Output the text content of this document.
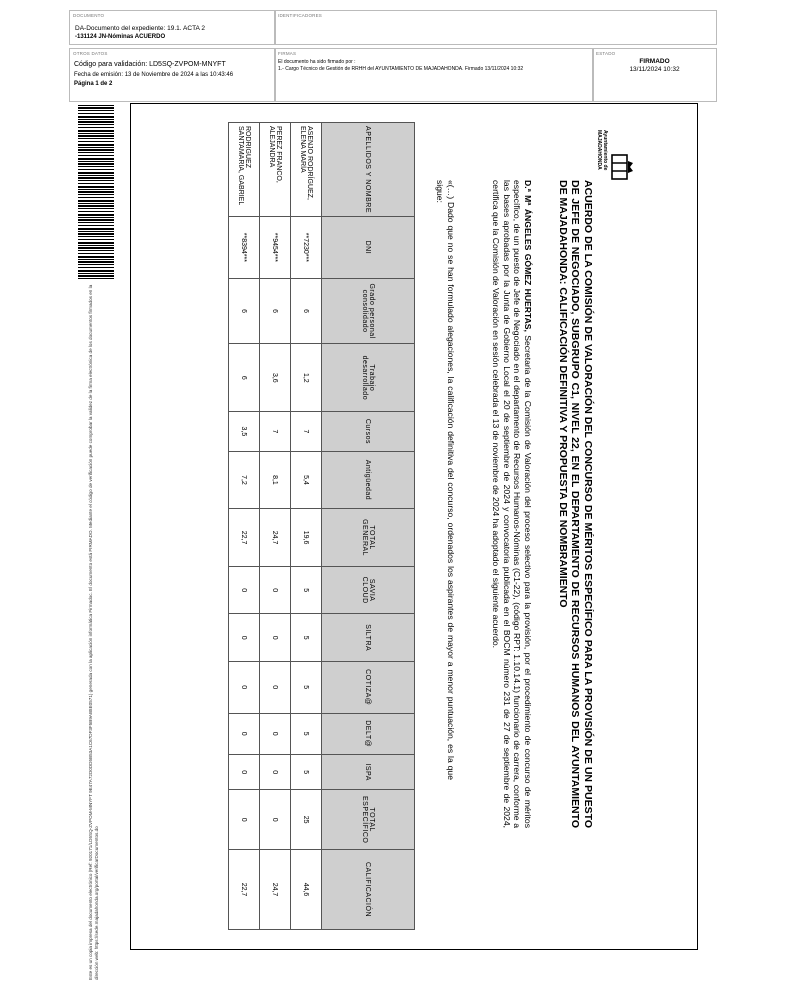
DOCUMENTO
DA-Documento del expediente: 19.1. ACTA 2
-131124 JN-Nóminas ACUERDO
IDENTIFICADORES
OTROS DATOS
Código para validación: LD5SQ-ZVPOM-MNYFT
Fecha de emisión: 13 de Noviembre de 2024 a las 10:43:46
Página 1 de 2
FIRMAS
El documento ha sido firmado por :
1.- Cargo Técnico de Gestión de RRHH del AYUNTAMIENTO DE MAJADAHONDA. Firmado 13/11/2024 10:32
ESTADO
FIRMADO
13/11/2024 10:32
Este es un copia impresa del documento electrónico (Ref: 920171/LD5SQ-ZVPOM-MNYFT 9E47A72D0DD5B53A1C67DF3F5B9AB8E0571) generada con la aplicación informática Firmadoc. El documento está FIRMADO. Mediante el código de verificación puede comprobar la validez de la firma electrónica de los documentos firmados en la dirección web: https://sede.majadahonda.org/portal/verificarDocumentos.do
Ayuntamiento de MAJADAHONDA
ACUERDO DE LA COMISIÓN DE VALORACIÓN DEL CONCURSO DE MÉRITOS ESPECÍFICO PARA LA PROVISIÓN DE UN PUESTO DE JEFE DE NEGOCIADO, SUBGRUPO C1, NIVEL 22, EN EL DEPARTAMENTO DE RECURSOS HUMANOS DEL AYUNTAMIENTO DE MAJADAHONDA: CALIFICACIÓN DEFINITIVA Y PROPUESTA DE NOMBRAMIENTO
D.ª Mª ÁNGELES GÓMEZ HUERTAS, Secretaria de la Comisión de Valoración del proceso selectivo para la provisión, por el procedimiento de concurso de méritos específico, de un puesto de Jefe de Negociado en el departamento de Recursos Humanos-Nóminas (C1-22), (código RPT: 1.10.14.1) funcionario de carrera, conforme a las bases aprobadas por la Junta de Gobierno Local el 20 de septiembre de 2024 y convocatoria publicada en el BOCM número 231 de 27 de septiembre de 2024, certifica que la Comisión de Valoración en sesión celebrada el 13 de noviembre de 2024 ha adoptado el siguiente acuerdo.
«(…) Dado que no se han formulado alegaciones, la calificación definitiva del concurso, ordenados los aspirantes de mayor a menor puntuación, es la que sigue:
APELLIDOS Y NOMBRE	DNI	Grado personal consolidado	Trabajo desarrollado	Cursos	Antigüedad	TOTAL GENERAL	SAVIA CLOUD	SILTRA	COTIZA@	DELT@	ISPA	TOTAL ESPECÍFICO	CALIFICACIÓN
ASENJO RODRÍGUEZ, ELENA MARÍA	**7230***	6	1,2	7	5,4	19,6	5	5	5	5	5	25	44,6
PEREZ FRANCO, ALEJANDRA	**9454***	6	3,6	7	8,1	24,7	0	0	0	0	0	0	24,7
RODRIGUEZ SANTAMARIA, GABRIEL	**8394***	6	6	3,5	7,2	22,7	0	0	0	0	0	0	22,7
